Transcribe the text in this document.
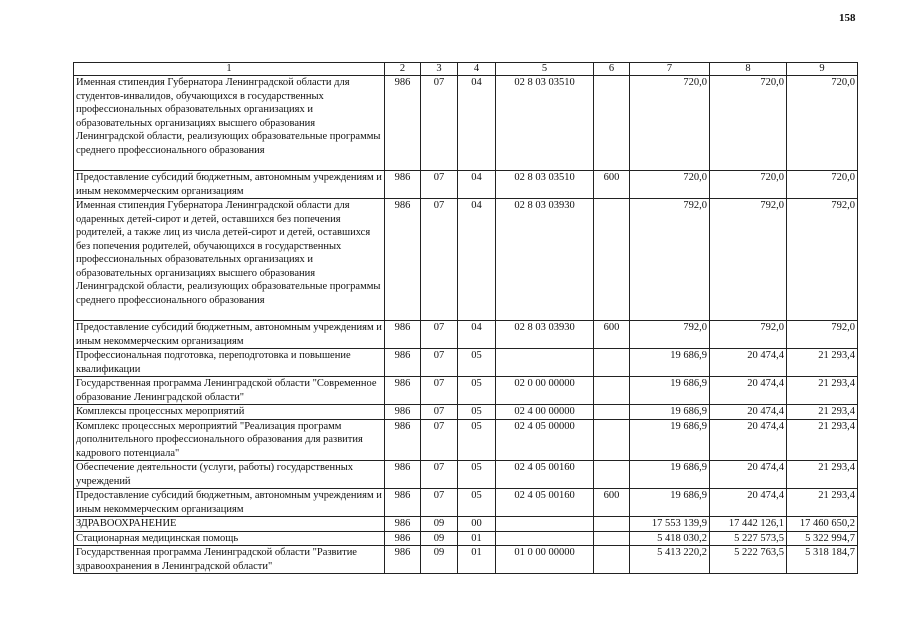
158
1	2	3	4	5	6	7	8	9
Именная стипендия Губернатора Ленинградской области для студентов-инвалидов, обучающихся в государственных профессиональных образовательных организациях и образовательных организациях высшего образования Ленинградской области, реализующих образовательные программы среднего профессионального образования	986	07	04	02 8 03 03510		720,0	720,0	720,0
Предоставление субсидий бюджетным, автономным учреждениям и иным некоммерческим организациям	986	07	04	02 8 03 03510	600	720,0	720,0	720,0
Именная стипендия Губернатора Ленинградской области для одаренных детей-сирот и детей, оставшихся без попечения родителей, а также лиц из числа детей-сирот и детей, оставшихся без попечения родителей, обучающихся в государственных профессиональных образовательных организациях и образовательных организациях высшего образования Ленинградской области, реализующих образовательные программы среднего профессионального образования	986	07	04	02 8 03 03930		792,0	792,0	792,0
Предоставление субсидий бюджетным, автономным учреждениям и иным некоммерческим организациям	986	07	04	02 8 03 03930	600	792,0	792,0	792,0
Профессиональная подготовка, переподготовка и повышение квалификации	986	07	05			19 686,9	20 474,4	21 293,4
Государственная программа Ленинградской области "Современное образование Ленинградской области"	986	07	05	02 0 00 00000		19 686,9	20 474,4	21 293,4
Комплексы процессных мероприятий	986	07	05	02 4 00 00000		19 686,9	20 474,4	21 293,4
Комплекс процессных мероприятий "Реализация программ дополнительного профессионального образования для развития кадрового потенциала"	986	07	05	02 4 05 00000		19 686,9	20 474,4	21 293,4
Обеспечение деятельности (услуги, работы) государственных учреждений	986	07	05	02 4 05 00160		19 686,9	20 474,4	21 293,4
Предоставление субсидий бюджетным, автономным учреждениям и иным некоммерческим организациям	986	07	05	02 4 05 00160	600	19 686,9	20 474,4	21 293,4
ЗДРАВООХРАНЕНИЕ	986	09	00			17 553 139,9	17 442 126,1	17 460 650,2
Стационарная медицинская помощь	986	09	01			5 418 030,2	5 227 573,5	5 322 994,7
Государственная программа Ленинградской области "Развитие здравоохранения в Ленинградской области"	986	09	01	01 0 00 00000		5 413 220,2	5 222 763,5	5 318 184,7
